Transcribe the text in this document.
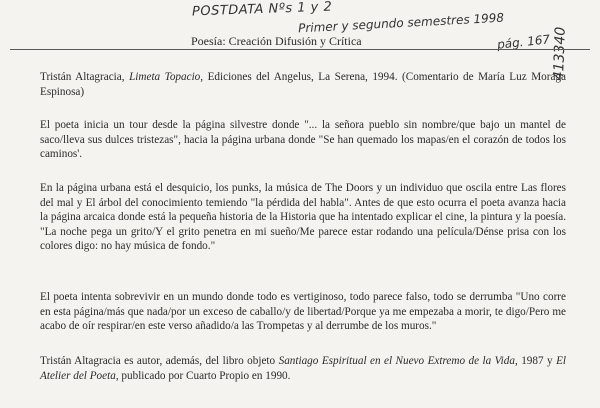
POSTDATA Nºs 1 y 2
Primer y segundo semestres 1998
pág. 167 413340
Poesía: Creación Difusión y Crítica

Tristán Altagracia, Limeta Topacio, Ediciones del Angelus, La Serena, 1994. (Comentario de María Luz Moraga Espinosa)

El poeta inicia un tour desde la página silvestre donde "... la señora pueblo sin nombre/que bajo un mantel de saco/lleva sus dulces tristezas", hacia la página urbana donde "Se han quemado los mapas/en el corazón de todos los caminos'.

En la página urbana está el desquicio, los punks, la música de The Doors y un individuo que oscila entre Las flores del mal y El árbol del conocimiento temiendo "la pérdida del habla". Antes de que esto ocurra el poeta avanza hacia la página arcaica donde está la pequeña historia de la Historia que ha intentado explicar el cine, la pintura y la poesía. "La noche pega un grito/Y el grito penetra en mi sueño/Me parece estar rodando una película/Dénse prisa con los colores digo: no hay música de fondo."

El poeta intenta sobrevivir en un mundo donde todo es vertiginoso, todo parece falso, todo se derrumba "Uno corre en esta página/más que nada/por un exceso de caballo/y de libertad/Porque ya me empezaba a morir, te digo/Pero me acabo de oír respirar/en este verso añadido/a las Trompetas y al derrumbe de los muros."

Tristán Altagracia es autor, además, del libro objeto Santiago Espiritual en el Nuevo Extremo de la Vida, 1987 y El Atelier del Poeta, publicado por Cuarto Propio en 1990.
